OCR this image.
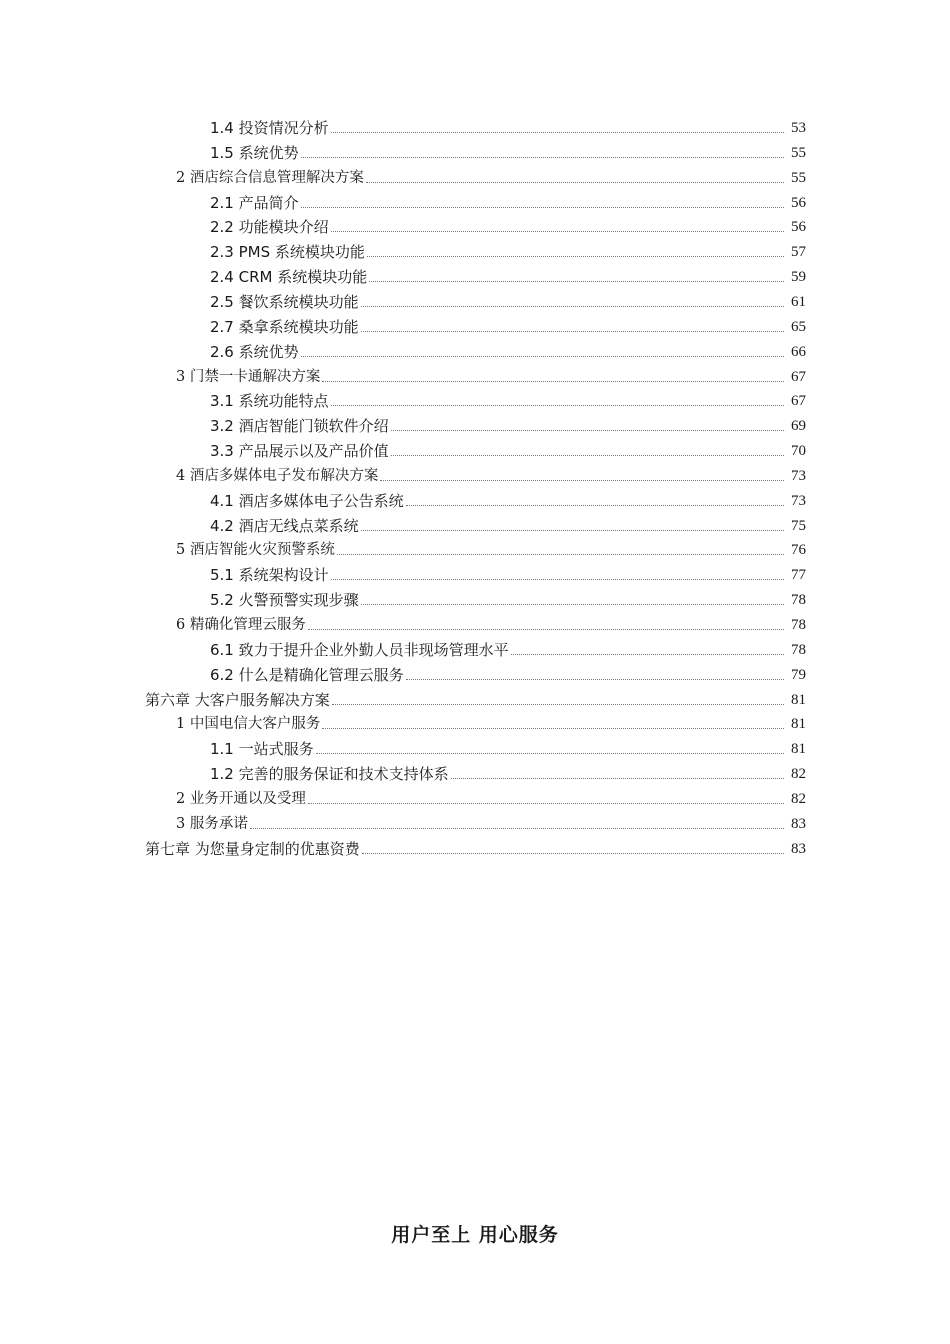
1.4 投资情况分析	53
1.5 系统优势	55
2 酒店综合信息管理解决方案	55
2.1 产品简介	56
2.2 功能模块介绍	56
2.3 PMS 系统模块功能	57
2.4 CRM 系统模块功能	59
2.5 餐饮系统模块功能	61
2.7 桑拿系统模块功能	65
2.6 系统优势	66
3 门禁一卡通解决方案	67
3.1 系统功能特点	67
3.2 酒店智能门锁软件介绍	69
3.3 产品展示以及产品价值	70
4 酒店多媒体电子发布解决方案	73
4.1 酒店多媒体电子公告系统	73
4.2 酒店无线点菜系统	75
5 酒店智能火灾预警系统	76
5.1 系统架构设计	77
5.2 火警预警实现步骤	78
6 精确化管理云服务	78
6.1 致力于提升企业外勤人员非现场管理水平	78
6.2 什么是精确化管理云服务	79
第六章 大客户服务解决方案	81
1 中国电信大客户服务	81
1.1 一站式服务	81
1.2 完善的服务保证和技术支持体系	82
2 业务开通以及受理	82
3 服务承诺	83
第七章 为您量身定制的优惠资费	83
用户至上 用心服务
